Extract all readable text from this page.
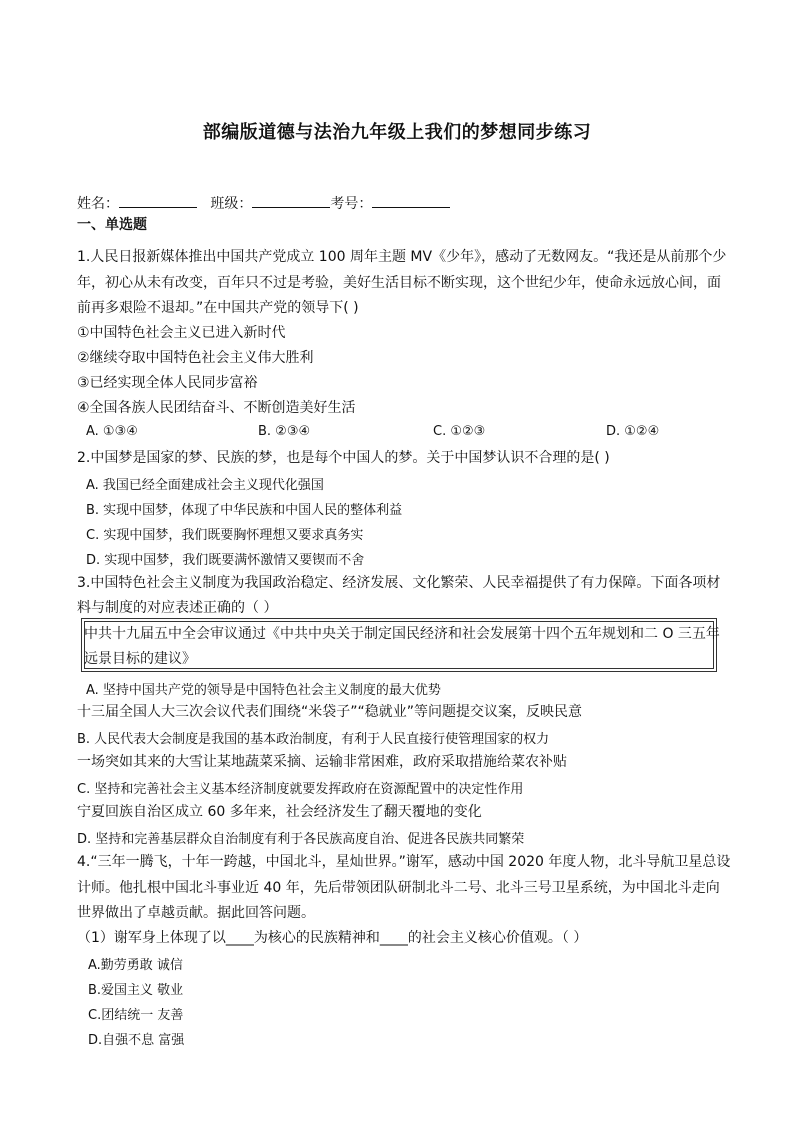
部编版道德与法治九年级上我们的梦想同步练习
姓名：	班级：	考号：
一、单选题
1.人民日报新媒体推出中国共产党成立 100 周年主题 MV《少年》，感动了无数网友。“我还是从前那个少
年，初心从未有改变，百年只不过是考验，美好生活目标不断实现，这个世纪少年，使命永远放心间，面
前再多艰险不退却。”在中国共产党的领导下( )
①中国特色社会主义已进入新时代
②继续夺取中国特色社会主义伟大胜利
③已经实现全体人民同步富裕
④全国各族人民团结奋斗、不断创造美好生活
A. ①③④	B. ②③④	C. ①②③	D. ①②④
2.中国梦是国家的梦、民族的梦，也是每个中国人的梦。关于中国梦认识不合理的是( )
A. 我国已经全面建成社会主义现代化强国
B. 实现中国梦，体现了中华民族和中国人民的整体利益
C. 实现中国梦，我们既要胸怀理想又要求真务实
D. 实现中国梦，我们既要满怀激情又要锲而不舍
3.中国特色社会主义制度为我国政治稳定、经济发展、文化繁荣、人民幸福提供了有力保障。下面各项材
料与制度的对应表述正确的（ ）
中共十九届五中全会审议通过《中共中央关于制定国民经济和社会发展第十四个五年规划和二 O 三五年
远景目标的建议》
A. 坚持中国共产党的领导是中国特色社会主义制度的最大优势
十三届全国人大三次会议代表们围绕“米袋子”“稳就业”等问题提交议案，反映民意
B. 人民代表大会制度是我国的基本政治制度，有利于人民直接行使管理国家的权力
一场突如其来的大雪让某地蔬菜采摘、运输非常困难，政府采取措施给菜农补贴
C. 坚持和完善社会主义基本经济制度就要发挥政府在资源配置中的决定性作用
宁夏回族自治区成立 60 多年来，社会经济发生了翻天覆地的变化
D. 坚持和完善基层群众自治制度有利于各民族高度自治、促进各民族共同繁荣
4.“三年一腾飞，十年一跨越，中国北斗，星灿世界。”谢军，感动中国 2020 年度人物，北斗导航卫星总设
计师。他扎根中国北斗事业近 40 年，先后带领团队研制北斗二号、北斗三号卫星系统，为中国北斗走向
世界做出了卓越贡献。据此回答问题。
（1）谢军身上体现了以____为核心的民族精神和____的社会主义核心价值观。（ ）
A.勤劳勇敢 诚信
B.爱国主义 敬业
C.团结统一 友善
D.自强不息 富强
